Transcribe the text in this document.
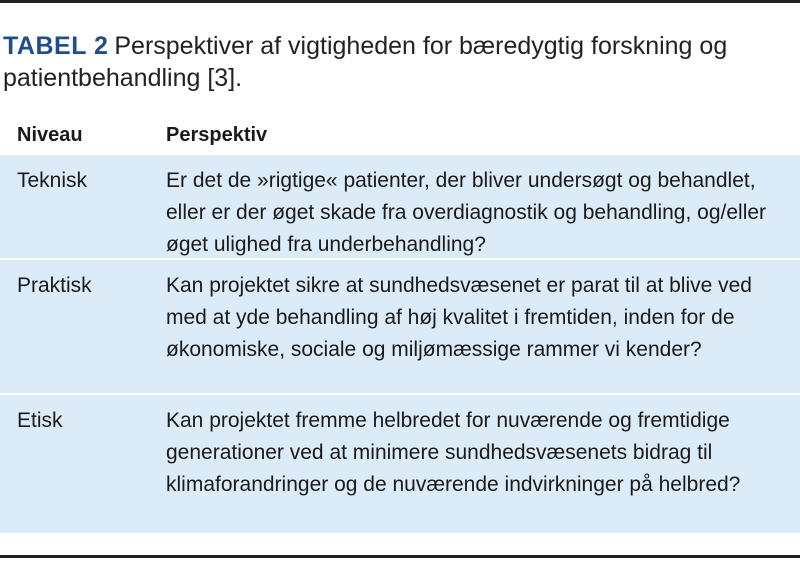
TABEL 2 Perspektiver af vigtigheden for bæredygtig forskning og patientbehandling [3].
Niveau	Perspektiv
Teknisk	Er det de »rigtige« patienter, der bliver undersøgt og behandlet, eller er der øget skade fra overdiagnostik og behandling, og/eller øget ulighed fra underbehandling?
Praktisk	Kan projektet sikre at sundhedsvæsenet er parat til at blive ved med at yde behandling af høj kvalitet i fremtiden, inden for de økonomiske, sociale og miljømæssige rammer vi kender?
Etisk	Kan projektet fremme helbredet for nuværende og fremtidige generationer ved at minimere sundhedsvæsenets bidrag til klimaforandringer og de nuværende indvirkninger på helbred?
